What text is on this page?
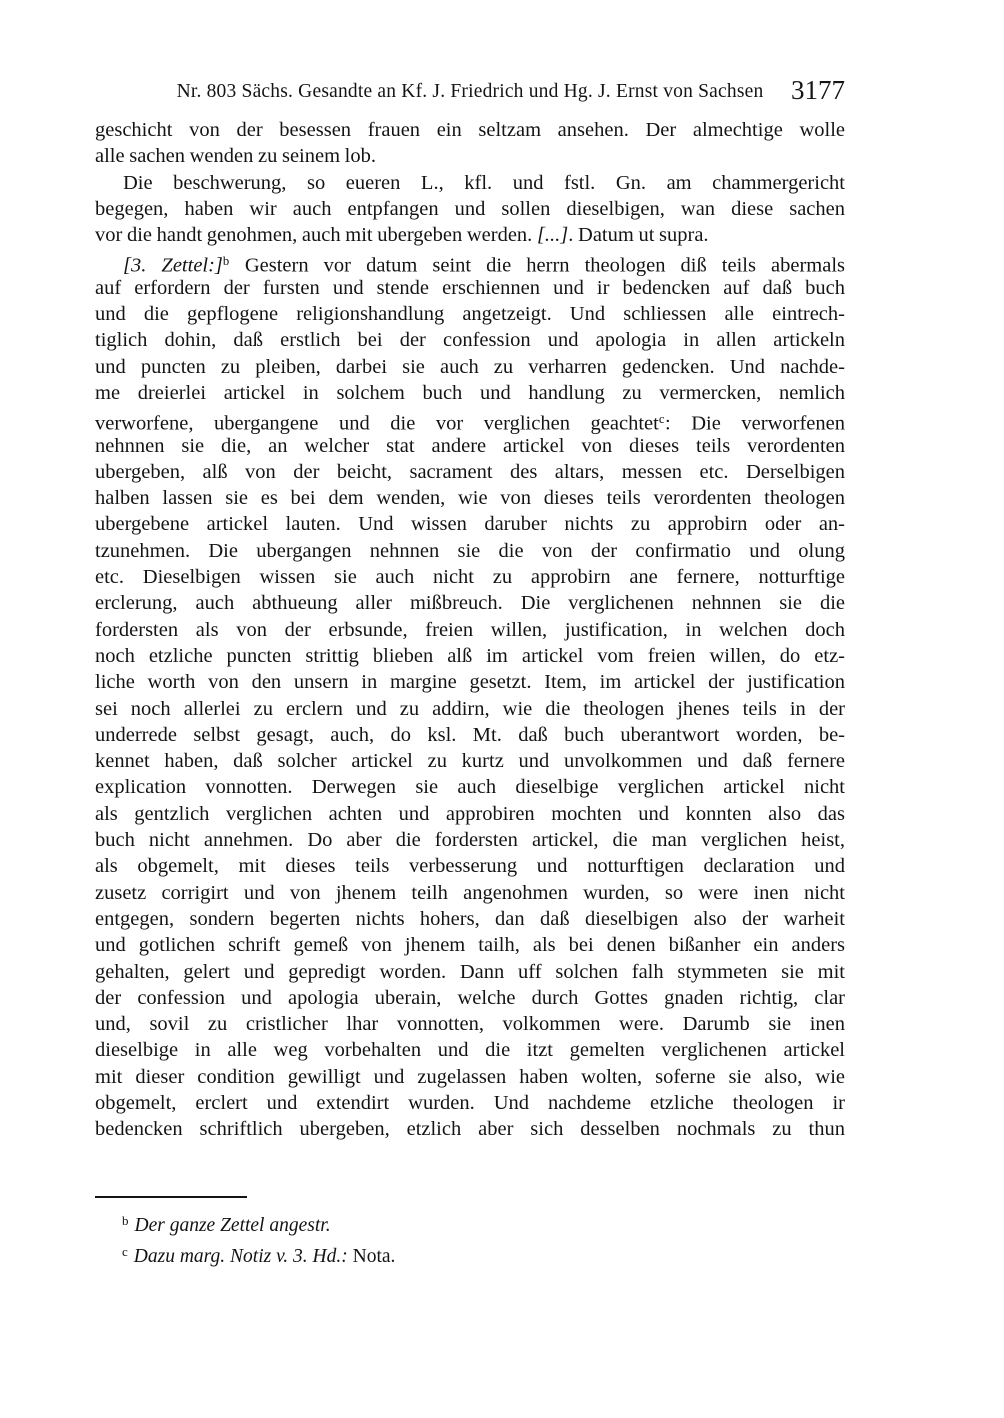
Nr. 803 Sächs. Gesandte an Kf. J. Friedrich und Hg. J. Ernst von Sachsen	3177
geschicht von der besessen frauen ein seltzam ansehen. Der almechtige wolle
alle sachen wenden zu seinem lob.
Die beschwerung, so eueren L., kfl. und fstl. Gn. am chammergericht
begegen, haben wir auch entpfangen und sollen dieselbigen, wan diese sachen
vor die handt genohmen, auch mit ubergeben werden. [...]. Datum ut supra.
[3. Zettel:]$^b$ Gestern vor datum seint die herrn theologen diß teils abermals
auf erfordern der fursten und stende erschiennen und ir bedencken auf daß buch
und die gepflogene religionshandlung angetzeigt. Und schliessen alle eintrech-
tiglich dohin, daß erstlich bei der confession und apologia in allen artickeln
und puncten zu pleiben, darbei sie auch zu verharren gedencken. Und nachde-
me dreierlei artickel in solchem buch und handlung zu vermercken, nemlich
verworfene, ubergangene und die vor verglichen geachtet$^c$: Die verworfenen
nehnnen sie die, an welcher stat andere artickel von dieses teils verordenten
ubergeben, alß von der beicht, sacrament des altars, messen etc. Derselbigen
halben lassen sie es bei dem wenden, wie von dieses teils verordenten theologen
ubergebene artickel lauten. Und wissen daruber nichts zu approbirn oder an-
tzunehmen. Die ubergangen nehnnen sie die von der confirmatio und olung
etc. Dieselbigen wissen sie auch nicht zu approbirn ane fernere, notturftige
erclerung, auch abthueung aller mißbreuch. Die verglichenen nehnnen sie die
fordersten als von der erbsunde, freien willen, justification, in welchen doch
noch etzliche puncten strittig blieben alß im artickel vom freien willen, do etz-
liche worth von den unsern in margine gesetzt. Item, im artickel der justification
sei noch allerlei zu erclern und zu addirn, wie die theologen jhenes teils in der
underrede selbst gesagt, auch, do ksl. Mt. daß buch uberantwort worden, be-
kennet haben, daß solcher artickel zu kurtz und unvolkommen und daß fernere
explication vonnotten. Derwegen sie auch dieselbige verglichen artickel nicht
als gentzlich verglichen achten und approbiren mochten und konnten also das
buch nicht annehmen. Do aber die fordersten artickel, die man verglichen heist,
als obgemelt, mit dieses teils verbesserung und notturftigen declaration und
zusetz corrigirt und von jhenem teilh angenohmen wurden, so were inen nicht
entgegen, sondern begerten nichts hohers, dan daß dieselbigen also der warheit
und gotlichen schrift gemeß von jhenem tailh, als bei denen bißanher ein anders
gehalten, gelert und gepredigt worden. Dann uff solchen falh stymmeten sie mit
der confession und apologia uberain, welche durch Gottes gnaden richtig, clar
und, sovil zu cristlicher lhar vonnotten, volkommen were. Darumb sie inen
dieselbige in alle weg vorbehalten und die itzt gemelten verglichenen artickel
mit dieser condition gewilligt und zugelassen haben wolten, soferne sie also, wie
obgemelt, erclert und extendirt wurden. Und nachdeme etzliche theologen ir
bedencken schriftlich ubergeben, etzlich aber sich desselben nochmals zu thun
$^b$ Der ganze Zettel angestr.
$^c$ Dazu marg. Notiz v. 3. Hd.: Nota.
